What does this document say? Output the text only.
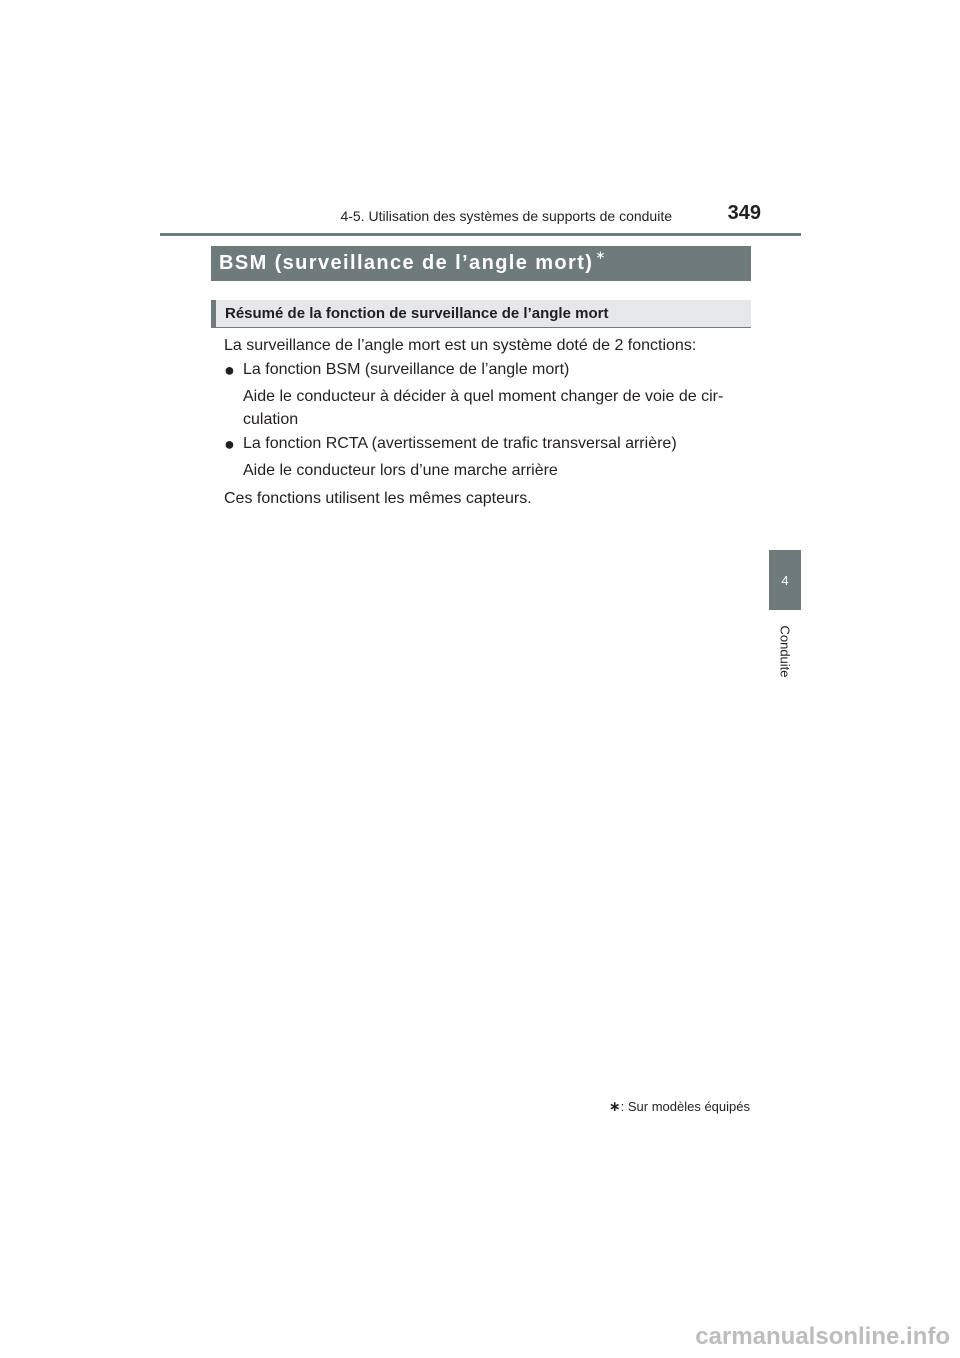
4-5. Utilisation des systèmes de supports de conduite	349
BSM (surveillance de l’angle mort) ∗
Résumé de la fonction de surveillance de l’angle mort
La surveillance de l’angle mort est un système doté de 2 fonctions:
● La fonction BSM (surveillance de l’angle mort)
Aide le conducteur à décider à quel moment changer de voie de cir-
culation
● La fonction RCTA (avertissement de trafic transversal arrière)
Aide le conducteur lors d’une marche arrière
Ces fonctions utilisent les mêmes capteurs.
4
Conduite
∗: Sur modèles équipés
carmanualsonline.info
